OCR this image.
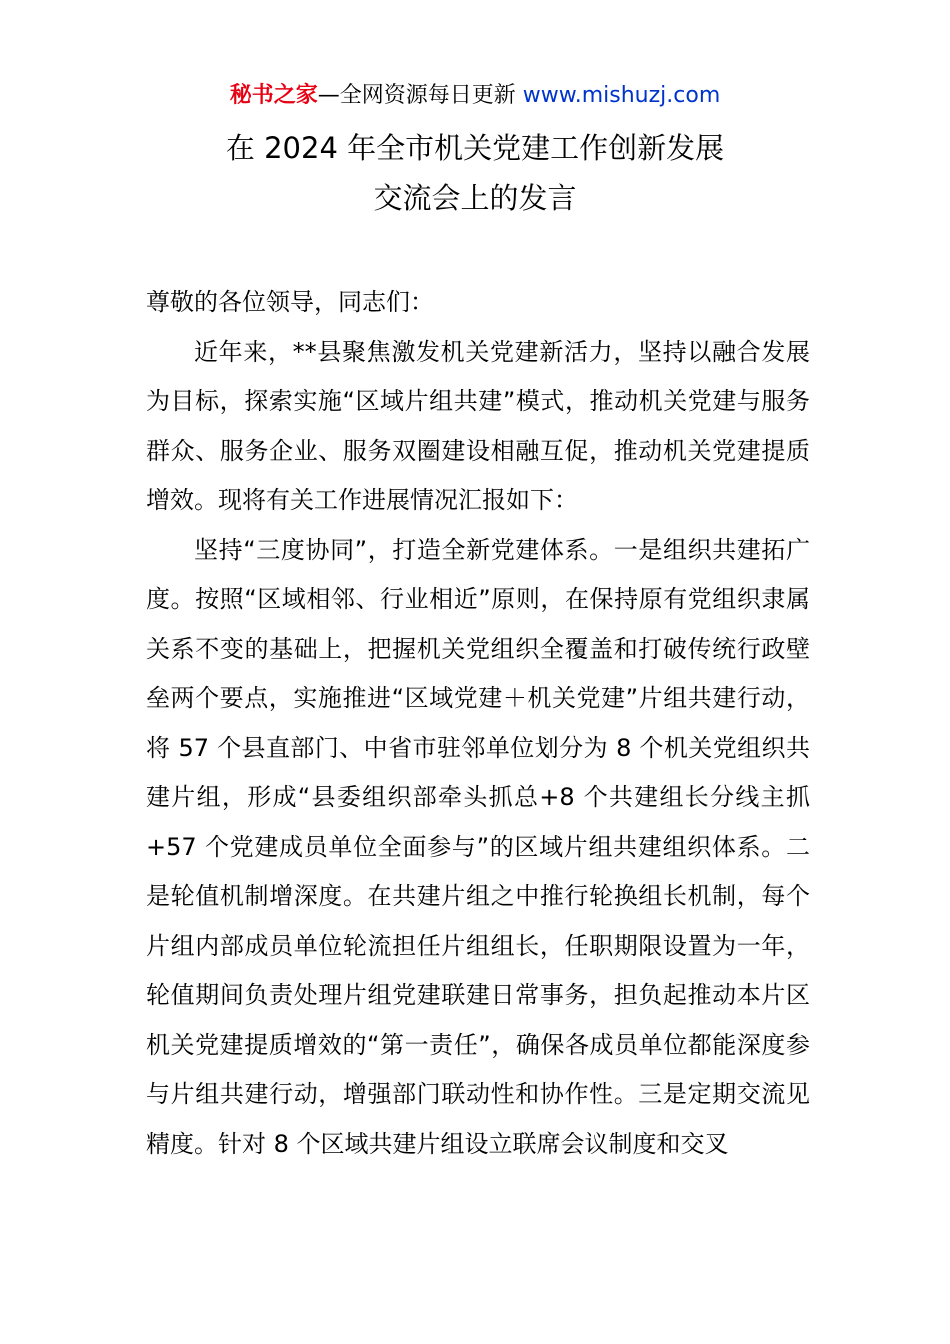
秘书之家—全网资源每日更新 www.mishuzj.com
在 2024 年全市机关党建工作创新发展
交流会上的发言

尊敬的各位领导，同志们：

近年来，**县聚焦激发机关党建新活力，坚持以融合发展为目标，探索实施“区域片组共建”模式，推动机关党建与服务群众、服务企业、服务双圈建设相融互促，推动机关党建提质增效。现将有关工作进展情况汇报如下：

坚持“三度协同”，打造全新党建体系。一是组织共建拓广度。按照“区域相邻、行业相近”原则，在保持原有党组织隶属关系不变的基础上，把握机关党组织全覆盖和打破传统行政壁垒两个要点，实施推进“区域党建＋机关党建”片组共建行动，将 57 个县直部门、中省市驻邻单位划分为 8 个机关党组织共建片组，形成“县委组织部牵头抓总+8 个共建组长分线主抓+57 个党建成员单位全面参与”的区域片组共建组织体系。二是轮值机制增深度。在共建片组之中推行轮换组长机制，每个片组内部成员单位轮流担任片组组长，任职期限设置为一年，轮值期间负责处理片组党建联建日常事务，担负起推动本片区机关党建提质增效的“第一责任”，确保各成员单位都能深度参与片组共建行动，增强部门联动性和协作性。三是定期交流见精度。针对 8 个区域共建片组设立联席会议制度和交叉
